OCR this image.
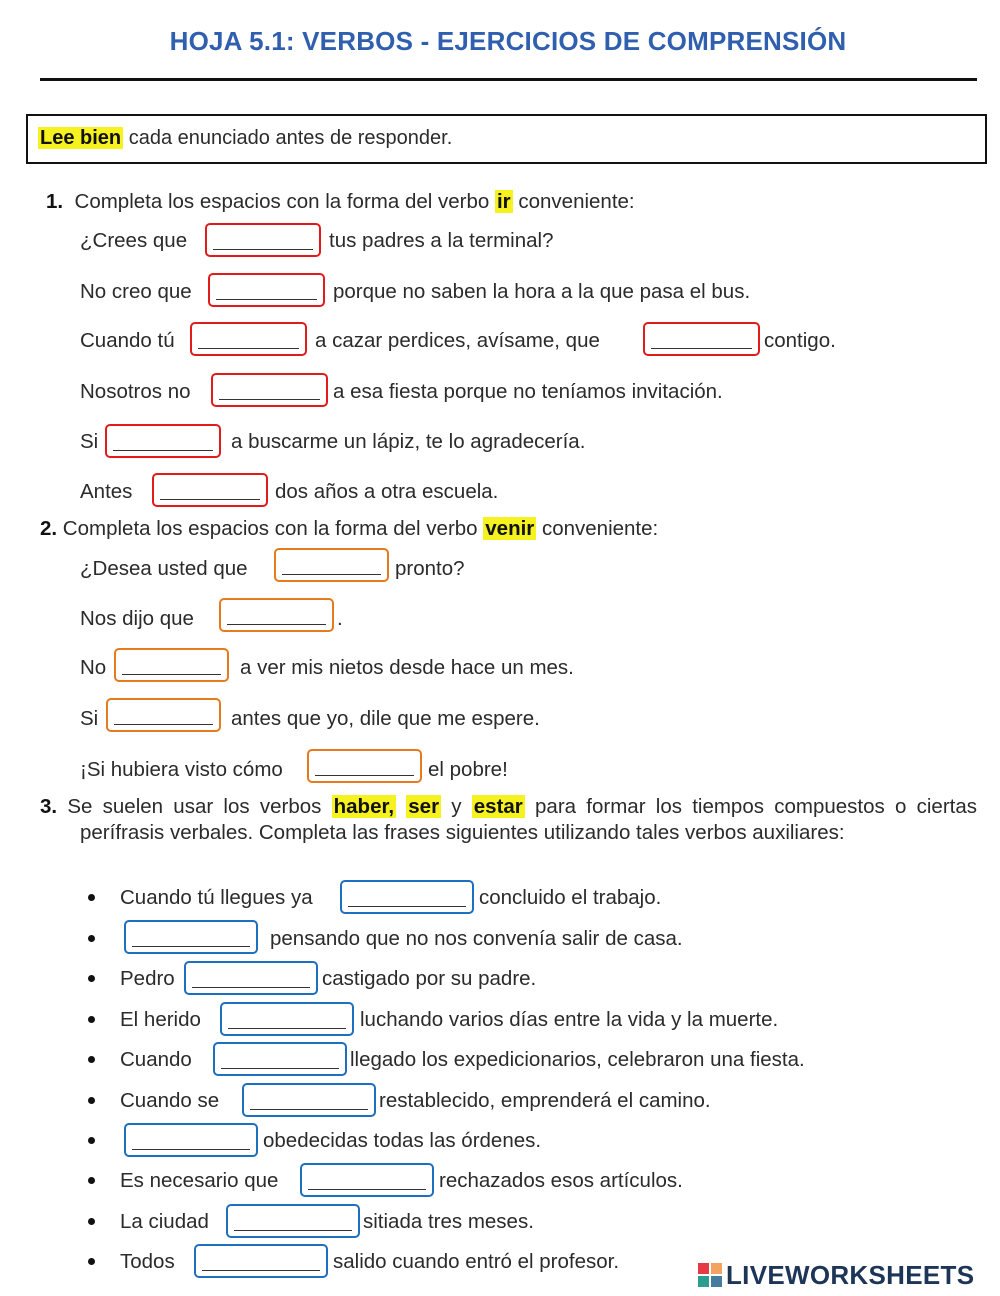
HOJA 5.1: VERBOS - EJERCICIOS DE COMPRENSIÓN
Lee bien cada enunciado antes de responder.
1. Completa los espacios con la forma del verbo ir conveniente:
¿Crees que	tus padres a la terminal?
No creo que	porque no saben la hora a la que pasa el bus.
Cuando tú	a cazar perdices, avísame, que	contigo.
Nosotros no	a esa fiesta porque no teníamos invitación.
Si	a buscarme un lápiz, te lo agradecería.
Antes	dos años a otra escuela.
2. Completa los espacios con la forma del verbo venir conveniente:
¿Desea usted que	pronto?
Nos dijo que	.
No	a ver mis nietos desde hace un mes.
Si	antes que yo, dile que me espere.
¡Si hubiera visto cómo	el pobre!
3. Se suelen usar los verbos haber, ser y estar para formar los tiempos compuestos o ciertas perífrasis verbales. Completa las frases siguientes utilizando tales verbos auxiliares:
Cuando tú llegues ya	concluido el trabajo.
pensando que no nos convenía salir de casa.
Pedro	castigado por su padre.
El herido	luchando varios días entre la vida y la muerte.
Cuando	llegado los expedicionarios, celebraron una fiesta.
Cuando se	restablecido, emprenderá el camino.
obedecidas todas las órdenes.
Es necesario que	rechazados esos artículos.
La ciudad	sitiada tres meses.
Todos	salido cuando entró el profesor.	LIVEWORKSHEETS
